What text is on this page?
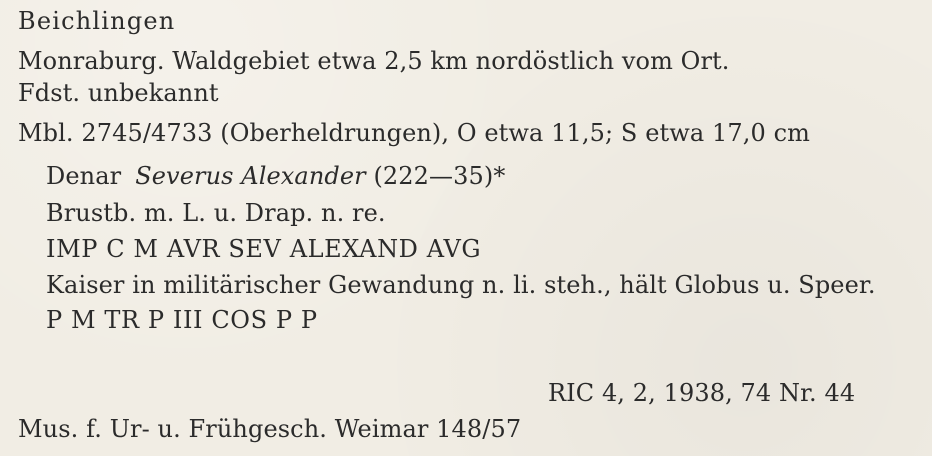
Beichlingen
Monraburg. Waldgebiet etwa 2,5 km nordöstlich vom Ort.
Fdst. unbekannt
Mbl. 2745/4733 (Oberheldrungen), O etwa 11,5; S etwa 17,0 cm
Denar Severus Alexander (222—35)*
Brustb. m. L. u. Drap. n. re.
IMP C M AVR SEV ALEXAND AVG
Kaiser in militärischer Gewandung n. li. steh., hält Globus u. Speer.
P M TR P III COS P P
RIC 4, 2, 1938, 74 Nr. 44
Mus. f. Ur- u. Frühgesch. Weimar 148/57
